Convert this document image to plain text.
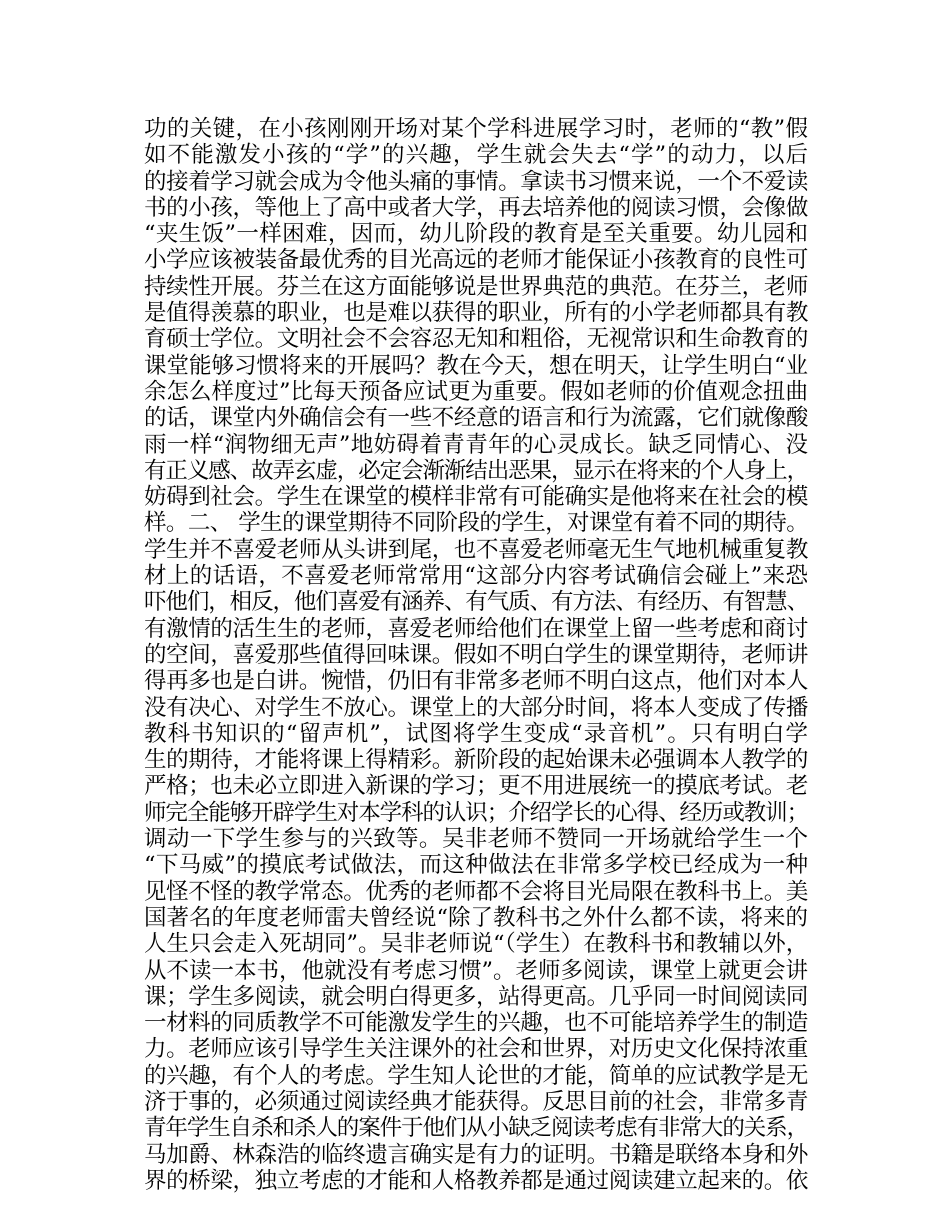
功的关键，在小孩刚刚开场对某个学科进展学习时，老师的“教”假
如不能激发小孩的“学”的兴趣，学生就会失去“学”的动力，以后
的接着学习就会成为令他头痛的事情。拿读书习惯来说，一个不爱读
书的小孩，等他上了高中或者大学，再去培养他的阅读习惯，会像做
“夹生饭”一样困难，因而，幼儿阶段的教育是至关重要。幼儿园和
小学应该被装备最优秀的目光高远的老师才能保证小孩教育的良性可
持续性开展。芬兰在这方面能够说是世界典范的典范。在芬兰，老师
是值得羡慕的职业，也是难以获得的职业，所有的小学老师都具有教
育硕士学位。文明社会不会容忍无知和粗俗，无视常识和生命教育的
课堂能够习惯将来的开展吗？教在今天，想在明天，让学生明白“业
余怎么样度过”比每天预备应试更为重要。假如老师的价值观念扭曲
的话，课堂内外确信会有一些不经意的语言和行为流露，它们就像酸
雨一样“润物细无声”地妨碍着青青年的心灵成长。缺乏同情心、没
有正义感、故弄玄虚，必定会渐渐结出恶果，显示在将来的个人身上，
妨碍到社会。学生在课堂的模样非常有可能确实是他将来在社会的模
样。二、 学生的课堂期待不同阶段的学生，对课堂有着不同的期待。
学生并不喜爱老师从头讲到尾，也不喜爱老师毫无生气地机械重复教
材上的话语，不喜爱老师常常用“这部分内容考试确信会碰上”来恐
吓他们，相反，他们喜爱有涵养、有气质、有方法、有经历、有智慧、
有激情的活生生的老师，喜爱老师给他们在课堂上留一些考虑和商讨
的空间，喜爱那些值得回味课。假如不明白学生的课堂期待，老师讲
得再多也是白讲。惋惜，仍旧有非常多老师不明白这点，他们对本人
没有决心、对学生不放心。课堂上的大部分时间，将本人变成了传播
教科书知识的“留声机”，试图将学生变成“录音机”。只有明白学
生的期待，才能将课上得精彩。新阶段的起始课未必强调本人教学的
严格；也未必立即进入新课的学习；更不用进展统一的摸底考试。老
师完全能够开辟学生对本学科的认识；介绍学长的心得、经历或教训；
调动一下学生参与的兴致等。吴非老师不赞同一开场就给学生一个
“下马威”的摸底考试做法，而这种做法在非常多学校已经成为一种
见怪不怪的教学常态。优秀的老师都不会将目光局限在教科书上。美
国著名的年度老师雷夫曾经说“除了教科书之外什么都不读，将来的
人生只会走入死胡同”。吴非老师说“（学生）在教科书和教辅以外，
从不读一本书，他就没有考虑习惯”。老师多阅读，课堂上就更会讲
课；学生多阅读，就会明白得更多，站得更高。几乎同一时间阅读同
一材料的同质教学不可能激发学生的兴趣，也不可能培养学生的制造
力。老师应该引导学生关注课外的社会和世界，对历史文化保持浓重
的兴趣，有个人的考虑。学生知人论世的才能，简单的应试教学是无
济于事的，必须通过阅读经典才能获得。反思目前的社会，非常多青
青年学生自杀和杀人的案件于他们从小缺乏阅读考虑有非常大的关系，
马加爵、林森浩的临终遗言确实是有力的证明。书籍是联络本身和外
界的桥梁，独立考虑的才能和人格教养都是通过阅读建立起来的。依
